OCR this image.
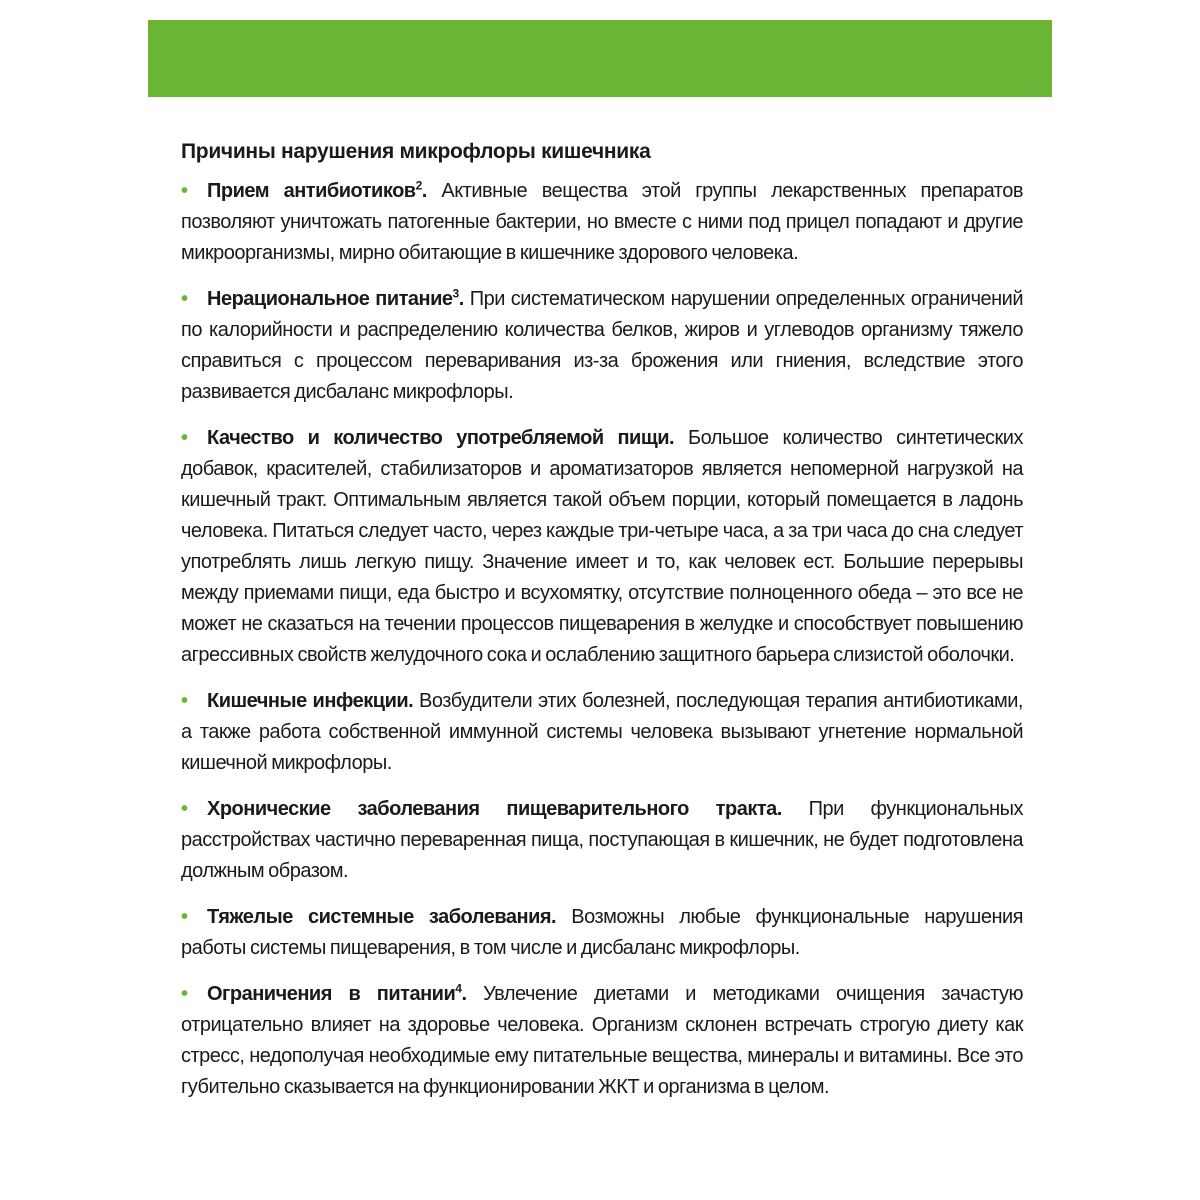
Причины нарушения микрофлоры кишечника
• Прием антибиотиков$^2$. Активные вещества этой группы лекарственных препаратов позволяют уничтожать патогенные бактерии, но вместе с ними под прицел попадают и другие микроорганизмы, мирно обитающие в кишечнике здорового человека.
• Нерациональное питание$^3$. При систематическом нарушении определенных ограничений по калорийности и распределению количества белков, жиров и углеводов организму тяжело справиться с процессом переваривания из-за брожения или гниения, вследствие этого развивается дисбаланс микрофлоры.
• Качество и количество употребляемой пищи. Большое количество синтетических добавок, красителей, стабилизаторов и ароматизаторов является непомерной нагрузкой на кишечный тракт. Оптимальным является такой объем порции, который помещается в ладонь человека. Питаться следует часто, через каждые три-четыре часа, а за три часа до сна следует употреблять лишь легкую пищу. Значение имеет и то, как человек ест. Большие перерывы между приемами пищи, еда быстро и всухомятку, отсутствие полноценного обеда – это все не может не сказаться на течении процессов пищеварения в желудке и способствует повышению агрессивных свойств желудочного сока и ослаблению защитного барьера слизистой оболочки.
• Кишечные инфекции. Возбудители этих болезней, последующая терапия антибиотиками, а также работа собственной иммунной системы человека вызывают угнетение нормальной кишечной микрофлоры.
• Хронические заболевания пищеварительного тракта. При функциональных расстройствах частично переваренная пища, поступающая в кишечник, не будет подготовлена должным образом.
• Тяжелые системные заболевания. Возможны любые функциональные нарушения работы системы пищеварения, в том числе и дисбаланс микрофлоры.
• Ограничения в питании$^4$. Увлечение диетами и методиками очищения зачастую отрицательно влияет на здоровье человека. Организм склонен встречать строгую диету как стресс, недополучая необходимые ему питательные вещества, минералы и витамины. Все это губительно сказывается на функционировании ЖКТ и организма в целом.
